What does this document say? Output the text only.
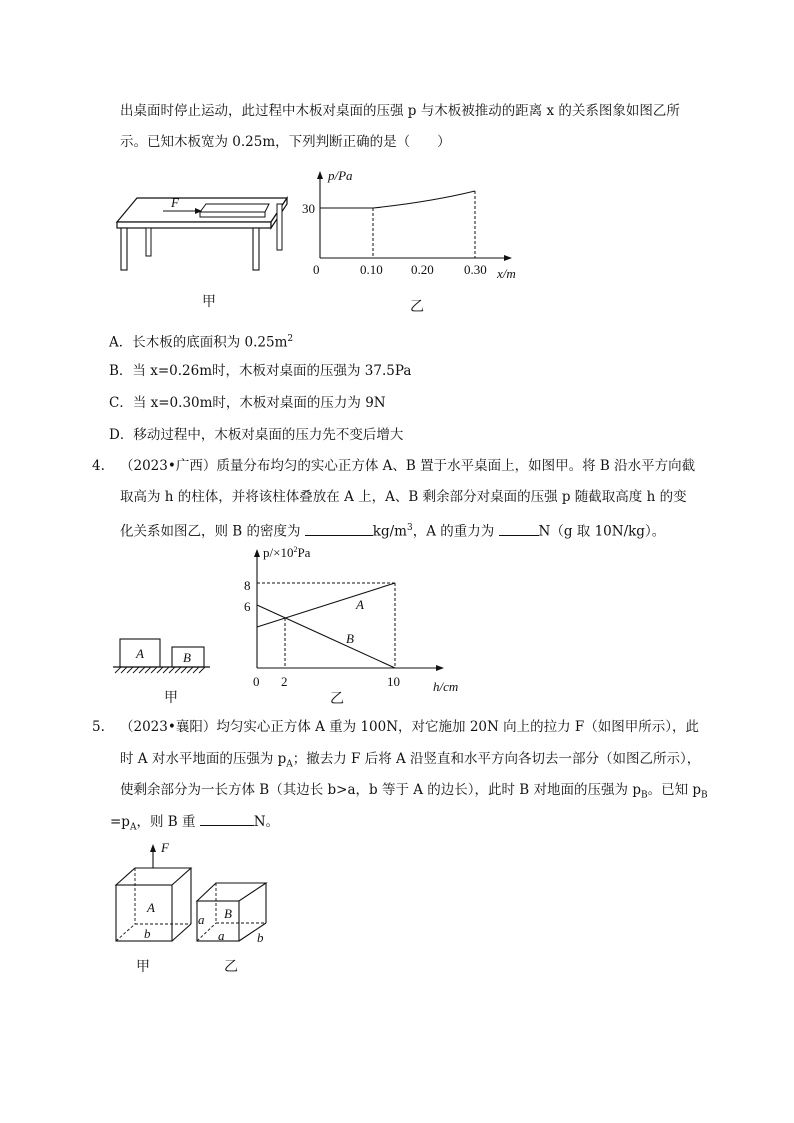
出桌面时停止运动，此过程中木板对桌面的压强 p 与木板被推动的距离 x 的关系图象如图乙所
示。已知木板宽为 0.25m，下列判断正确的是（　　）
F
甲
p/Pa
30
0	0.10 0.20 0.30 x/m
乙
A．长木板的底面积为 $0.25m^2$
B．当 x=0.26m时，木板对桌面的压强为 37.5Pa
C．当 x=0.30m时，木板对桌面的压力为 9N
D．移动过程中，木板对桌面的压力先不变后增大
4. （2023•广西）质量分布均匀的实心正方体 A、B 置于水平桌面上，如图甲。将 B 沿水平方向截
取高为 h 的柱体，并将该柱体叠放在 A 上，A、B 剩余部分对桌面的压强 p 随截取高度 h 的变
化关系如图乙，则 B 的密度为	$kg/m^3$，A 的重力为	N（g 取 10N/kg）。
A	B
甲
$p/\times 10^2Pa$
8
6	A
B
0 2	10	h/cm
乙
5. （2023•襄阳）均匀实心正方体 A 重为 100N，对它施加 20N 向上的拉力 F（如图甲所示），此
时 A 对水平地面的压强为 $p_A$；撤去力 F 后将 A 沿竖直和水平方向各切去一部分（如图乙所示），
使剩余部分为一长方体 B（其边长 b>a，b 等于 A 的边长），此时 B 对地面的压强为 $p_B$。已知 $p_B$
$=p_A$，则 B 重	N。
F
A
b
甲
B
a
a	b
乙
